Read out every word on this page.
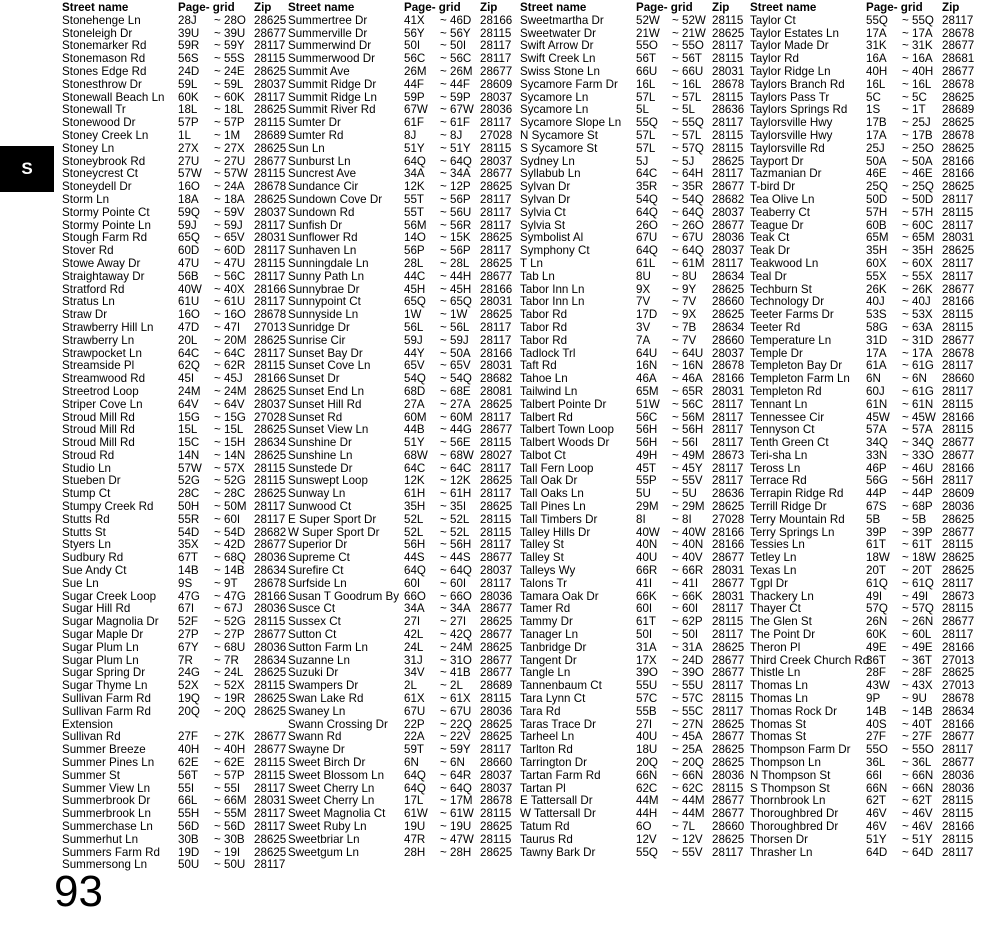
S
Street name	Page- grid Zip
Stonehenge Ln	28J ~ 28O 28625
Stoneleigh Dr	39U ~ 39U 28677
Stonemarker Rd	59R ~ 59Y 28117
Stonemason Rd	56S ~ 55S 28115
Stones Edge Rd	24D ~ 24E 28625
Stonesthrow Dr	59L ~ 59L 28037
Stonewall Beach Ln 60K ~ 60K 28117
Stonewall Tr	18L ~ 18L 28625
Stonewood Dr	57P ~ 57P 28115
Stoney Creek Ln	1L ~ 1M 28689
Stoney Ln	27X ~ 27X 28625
Stoneybrook Rd	27U ~ 27U 28677
Stoneycrest Ct	57W ~ 57W 28115
Stoneydell Dr	16O ~ 24A 28678
Storm Ln	18A ~ 18A 28625
Stormy Pointe Ct 59Q ~ 59V 28037
Stormy Pointe Ln 59J ~ 59J 28117
Stough Farm Rd	65Q ~ 65V 28031
Stover Rd	60D ~ 60D 28117
Stowe Away Dr	47U ~ 47U 28115
Straightaway Dr	56B ~ 56C 28117
Stratford Rd	40W ~ 40X 28166
Stratus Ln	61U ~ 61U 28117
Straw Dr	16O ~ 16O 28678
Strawberry Hill Ln 47D ~ 47I 27013
Strawberry Ln	20L ~ 20M 28625
Strawpocket Ln	64C ~ 64C 28117
Streamside Pl	62Q ~ 62R 28115
Streamwood Rd	45I ~ 45J 28166
Streetrod Loop	24M ~ 24M 28625
Striper Cove Ln	64V ~ 64V 28037
Stroud Mill Rd	15G ~ 15G 27028
Stroud Mill Rd	15L ~ 15L 28625
Stroud Mill Rd	15C ~ 15H 28634
Stroud Rd	14N ~ 14N 28625
Studio Ln	57W ~ 57X 28115
Stueben Dr	52G ~ 52G 28115
Stump Ct	28C ~ 28C 28625
Stumpy Creek Rd 50H ~ 50M 28117
Stutts Rd	55R ~ 60I 28117
Stutts St	54D ~ 54D 28682
Styers Ln	35X ~ 42D 28677
Sudbury Rd	67T ~ 68Q 28036
Sue Andy Ct	14B ~ 14B 28634
Sue Ln	9S ~ 9T 28678
Sugar Creek Loop 47G ~ 47G 28166
Sugar Hill Rd	67I ~ 67J 28036
Sugar Magnolia Dr 52F ~ 52G 28115
Sugar Maple Dr	27P ~ 27P 28677
Sugar Plum Ln	67Y ~ 68U 28036
Sugar Plum Ln	7R ~ 7R 28634
Sugar Spring Dr	24G ~ 24L 28625
Sugar Thyme Ln	52X ~ 52X 28115
Sullivan Farm Rd 19Q ~ 19R 28625
Sullivan Farm Rd 20Q ~ 20Q 28625
Extension
Sullivan Rd	27F ~ 27K 28677
Summer Breeze	40H ~ 40H 28677
Summer Pines Ln 62E ~ 62E 28115
Summer St	56T ~ 57P 28115
Summer View Ln 55I ~ 55I 28117
Summerbrook Dr 66L ~ 66M 28031
Summerbrook Ln 55H ~ 55M 28117
Summerchase Ln 56D ~ 56D 28117
Summerhut Ln	30B ~ 30B 28625
Summers Farm Rd 19D ~ 19I 28625
Summersong Ln	50U ~ 50U 28117
Street name	Page- grid Zip
Summertree Dr	41X ~ 46D 28166
Summerville Dr	56Y ~ 56Y 28115
Summerwind Dr	50I ~ 50I 28117
Summerwood Dr	56C ~ 56C 28117
Summit Ave	26M ~ 26M 28677
Summit Ridge Dr 44F ~ 44F 28609
Summit Ridge Ln 59P ~ 59P 28037
Summit River Rd 67W ~ 67W 28036
Sumter Dr	61F ~ 61F 28117
Sumter Rd	8J ~ 8J 27028
Sun Ln	51Y ~ 51Y 28115
Sunburst Ln	64Q ~ 64Q 28037
Suncrest Ave	34A ~ 34A 28677
Sundance Cir	12K ~ 12P 28625
Sundown Cove Dr 55T ~ 56P 28117
Sundown Rd	55T ~ 56U 28117
Sunfish Dr	56M ~ 56R 28117
Sunflower Rd	14O ~ 15K 28625
Sunhaven Ln	56P ~ 56P 28117
Sunningdale Ln	28L ~ 28L 28625
Sunny Path Ln	44C ~ 44H 28677
Sunnybrae Dr	45H ~ 45H 28166
Sunnypoint Ct	65Q ~ 65Q 28031
Sunnyside Ln	1W ~ 1W 28625
Sunridge Dr	56L ~ 56L 28117
Sunrise Cir	59J ~ 59J 28117
Sunset Bay Dr	44Y ~ 50A 28166
Sunset Cove Ln	65V ~ 65V 28031
Sunset Dr	54Q ~ 54Q 28682
Sunset End Ln	68D ~ 68E 28081
Sunset Hill Rd	27A ~ 27A 28625
Sunset Rd	60M ~ 60M 28117
Sunset View Ln	44B ~ 44G 28677
Sunshine Dr	51Y ~ 56E 28115
Sunshine Ln	68W ~ 68W 28027
Sunstede Dr	64C ~ 64C 28117
Sunswept Loop	12K ~ 12K 28625
Sunway Ln	61H ~ 61H 28117
Sunwood Ct	35H ~ 35I 28625
E Super Sport Dr 52L ~ 52L 28115
W Super Sport Dr 52L ~ 52L 28115
Superior Dr	56H ~ 56H 28117
Supreme Ct	44S ~ 44S 28677
Surefire Ct	64Q ~ 64Q 28037
Surfside Ln	60I ~ 60I 28117
Susan T Goodrum By 66O ~ 66O 28036
Susce Ct	34A ~ 34A 28677
Sussex Ct	27I ~ 27I 28625
Sutton Ct	42L ~ 42Q 28677
Sutton Farm Ln	24L ~ 24M 28625
Suzanne Ln	31J ~ 31O 28677
Suzuki Dr	34V ~ 41B 28677
Swampers Dr	2L ~ 2L 28689
Swan Lake Rd	61X ~ 61X 28115
Swaney Ln	67U ~ 67U 28036
Swann Crossing Dr 22P ~ 22Q 28625
Swann Rd	22A ~ 22V 28625
Swayne Dr	59T ~ 59Y 28117
Sweet Birch Dr	6N ~ 6N 28660
Sweet Blossom Ln 64Q ~ 64R 28037
Sweet Cherry Ln	64Q ~ 64Q 28037
Sweet Cherry Ln	17L ~ 17M 28678
Sweet Magnolia Ct 61W ~ 61W 28115
Sweet Ruby Ln	19U ~ 19U 28625
Sweetbriar Ln	47R ~ 47W 28115
Sweetgum Ln	28H ~ 28H 28625
Street name	Page- grid Zip
Sweetmartha Dr	52W ~ 52W 28115
Sweetwater Dr	21W ~ 21W 28625
Swift Arrow Dr	55O ~ 55O 28117
Swift Creek Ln	56T ~ 56T 28115
Swiss Stone Ln	66U ~ 66U 28031
Sycamore Farm Dr 16L ~ 16L 28678
Sycamore Ln	57L ~ 57L 28115
Sycamore Ln	5L ~ 5L 28636
Sycamore Slope Ln 55Q ~ 55Q 28117
N Sycamore St	57L ~ 57L 28115
S Sycamore St	57L ~ 57Q 28115
Sydney Ln	5J ~ 5J 28625
Syllabub Ln	64C ~ 64H 28117
Sylvan Dr	35R ~ 35R 28677
Sylvan Dr	54Q ~ 54Q 28682
Sylvia Ct	64Q ~ 64Q 28037
Sylvia St	26O ~ 26O 28677
Symbolist Al	67U ~ 67U 28036
Symphony Ct	64Q ~ 64Q 28037
T Ln	61L ~ 61M 28117
Tab Ln	8U ~ 8U 28634
Tabor Inn Ln	9X ~ 9Y 28625
Tabor Inn Ln	7V ~ 7V 28660
Tabor Rd	17D ~ 9X 28625
Tabor Rd	3V ~ 7B 28634
Tabor Rd	7A ~ 7V 28660
Tadlock Trl	64U ~ 64U 28037
Taft Rd	16N ~ 16N 28678
Tahoe Ln	46A ~ 46A 28166
Tailwind Ln	65M ~ 65R 28031
Talbert Pointe Dr	51W ~ 56C 28117
Talbert Rd	56C ~ 56M 28117
Talbert Town Loop 56H ~ 56H 28117
Talbert Woods Dr 56H ~ 56I 28117
Talbot Ct	49H ~ 49M 28673
Tall Fern Loop	45T ~ 45Y 28117
Tall Oak Dr	55P ~ 55V 28117
Tall Oaks Ln	5U ~ 5U 28636
Tall Pines Ln	29M ~ 29M 28625
Tall Timbers Dr	8I ~ 8I 27028
Talley Hills Dr	40W ~ 40W 28166
Talley St	40N ~ 40N 28166
Talley St	40U ~ 40V 28677
Talleys Wy	66R ~ 66R 28031
Talons Tr	41I ~ 41I 28677
Tamara Oak Dr	66K ~ 66K 28031
Tamer Rd	60I ~ 60I 28117
Tammy Dr	61T ~ 62P 28115
Tanager Ln	50I ~ 50I 28117
Tanbridge Dr	31A ~ 31A 28625
Tangent Dr	17X ~ 24D 28677
Tangle Ln	39O ~ 39O 28677
Tannenbaum Ct	55U ~ 55U 28117
Tara Lynn Ct	57C ~ 57C 28115
Tara Rd	55B ~ 55C 28117
Taras Trace Dr	27I ~ 27N 28625
Tarheel Ln	40U ~ 45A 28677
Tarlton Rd	18U ~ 25A 28625
Tarrington Dr	20Q ~ 20Q 28625
Tartan Farm Rd	66N ~ 66N 28036
Tartan Pl	62C ~ 62C 28115
E Tattersall Dr	44M ~ 44M 28677
W Tattersall Dr	44H ~ 44M 28677
Tatum Rd	6O ~ 7L 28660
Taurus Rd	12V ~ 12V 28625
Tawny Bark Dr	55Q ~ 55V 28117
Street name	Page- grid Zip
Taylor Ct	55Q ~ 55Q 28117
Taylor Estates Ln 17A ~ 17A 28678
Taylor Made Dr	31K ~ 31K 28677
Taylor Rd	16A ~ 16A 28681
Taylor Ridge Ln	40H ~ 40H 28677
Taylors Branch Rd 16L ~ 16L 28678
Taylors Pass Tr	5C ~ 5C 28625
Taylors Springs Rd 1S ~ 1T 28689
Taylorsville Hwy	17B ~ 25J 28625
Taylorsville Hwy	17A ~ 17B 28678
Taylorsville Rd	25J ~ 25O 28625
Tayport Dr	50A ~ 50A 28166
Tazmanian Dr	46E ~ 46E 28166
T-bird Dr	25Q ~ 25Q 28625
Tea Olive Ln	50D ~ 50D 28117
Teaberry Ct	57H ~ 57H 28115
Teague Dr	60B ~ 60C 28117
Teak Ct	65M ~ 65M 28031
Teak Dr	35H ~ 35H 28625
Teakwood Ln	60X ~ 60X 28117
Teal Dr	55X ~ 55X 28117
Techburn St	26K ~ 26K 28677
Technology Dr	40J ~ 40J 28166
Teeter Farms Dr	53S ~ 53X 28115
Teeter Rd	58G ~ 63A 28115
Temperature Ln	31D ~ 31D 28677
Temple Dr	17A ~ 17A 28678
Templeton Bay Dr 61A ~ 61G 28117
Templeton Farm Ln 6N ~ 6N 28660
Templeton Rd	60J ~ 61G 28117
Tennant Ln	61N ~ 61N 28115
Tennessee Cir	45W ~ 45W 28166
Tennyson Ct	57A ~ 57A 28115
Tenth Green Ct	34Q ~ 34Q 28677
Teri-sha Ln	33N ~ 33O 28677
Teross Ln	46P ~ 46U 28166
Terrace Rd	56G ~ 56H 28117
Terrapin Ridge Rd 44P ~ 44P 28609
Terrill Ridge Dr	67S ~ 68P 28036
Terry Mountain Rd 5B ~ 5B 28625
Terry Springs Ln	39P ~ 39P 28677
Tessies Ln	61T ~ 61T 28115
Tetley Ln	18W ~ 18W 28625
Texas Ln	20T ~ 20T 28625
Tgpl Dr	61Q ~ 61Q 28117
Thackery Ln	49I ~ 49I 28673
Thayer Ct	57Q ~ 57Q 28115
The Glen St	26N ~ 26N 28677
The Point Dr	60K ~ 60L 28117
Theron Pl	49E ~ 49E 28166
Third Creek Church Rd
36T ~ 36T 27013
Thistle Ln	28F ~ 28F 28625
Thomas Ln	43W ~ 43X 27013
Thomas Ln	9P ~ 9U 28678
Thomas Rock Dr	14B ~ 14B 28634
Thomas St	40S ~ 40T 28166
Thomas St	27F ~ 27F 28677
Thompson Farm Dr 55O ~ 55O 28117
Thompson Ln	36L ~ 36L 28677
N Thompson St	66I ~ 66N 28036
S Thompson St	66N ~ 66N 28036
Thornbrook Ln	62T ~ 62T 28115
Thoroughbred Dr 46V ~ 46V 28115
Thoroughbred Dr 46V ~ 46V 28166
Thorsen Dr	51Y ~ 51Y 28115
Thrasher Ln	64D ~ 64D 28117
93
